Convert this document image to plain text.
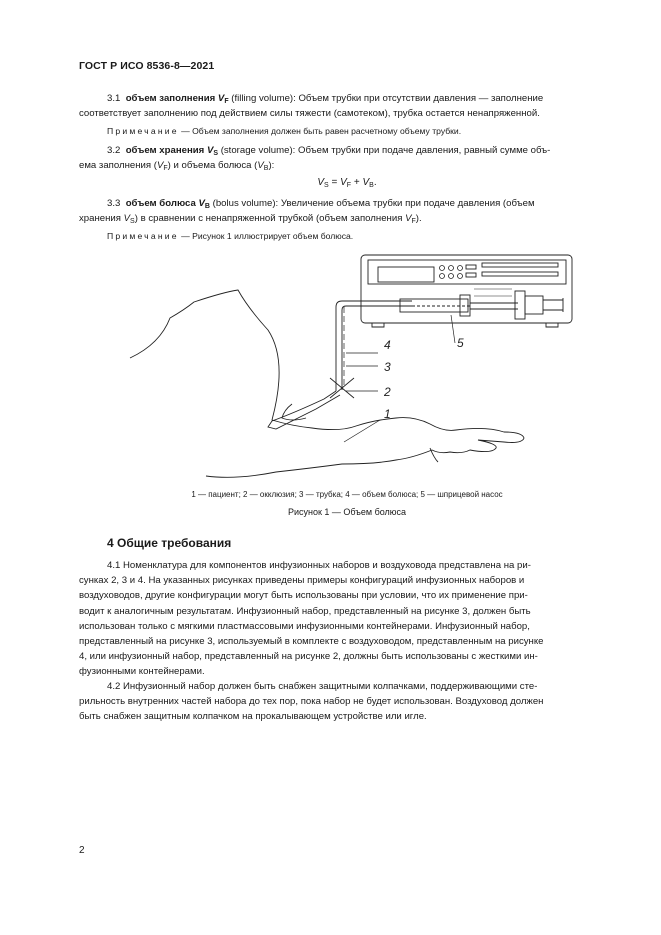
ГОСТ Р ИСО 8536-8—2021

3.1 объем заполнения $V_F$ (filling volume): Объем трубки при отсутствии давления — заполнение

соответствует заполнению под действием силы тяжести (самотеком), трубка остается ненапряженной.

Примечание — Объем заполнения должен быть равен расчетному объему трубки.

3.2 объем хранения $V_S$ (storage volume): Объем трубки при подаче давления, равный сумме объ-

ема заполнения $(V_F)$ и объема болюса $(V_B)$:

$V_S = V_F + V_B$.

3.3 объем болюса $V_B$ (bolus volume): Увеличение объема трубки при подаче давления (объем

хранения $V_S$) в сравнении с ненапряженной трубкой (объем заполнения $V_F$).

Примечание — Рисунок 1 иллюстрирует объем болюса.

1
2
3
4	5
1 — пациент; 2 — окклюзия; 3 — трубка; 4 — объем болюса; 5 — шприцевой насос
Рисунок 1 — Объем болюса
4 Общие требования

4.1 Номенклатура для компонентов инфузионных наборов и воздуховода представлена на ри-

сунках 2, 3 и 4. На указанных рисунках приведены примеры конфигураций инфузионных наборов и

воздуховодов, другие конфигурации могут быть использованы при условии, что их применение при-

водит к аналогичным результатам. Инфузионный набор, представленный на рисунке 3, должен быть

использован только с мягкими пластмассовыми инфузионными контейнерами. Инфузионный набор,

представленный на рисунке 3, используемый в комплекте с воздуховодом, представленным на рисунке

4, или инфузионный набор, представленный на рисунке 2, должны быть использованы с жесткими ин-

фузионными контейнерами.

4.2 Инфузионный набор должен быть снабжен защитными колпачками, поддерживающими сте-

рильность внутренних частей набора до тех пор, пока набор не будет использован. Воздуховод должен

быть снабжен защитным колпачком на прокалывающем устройстве или игле.

2
